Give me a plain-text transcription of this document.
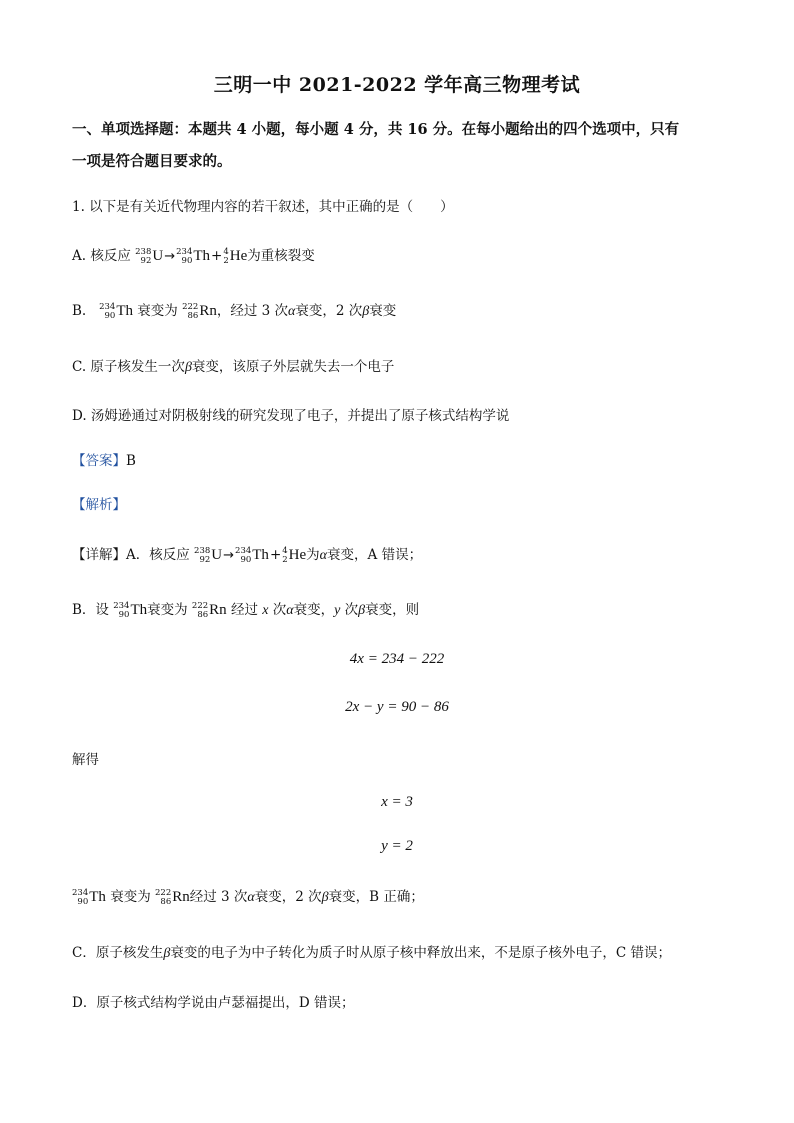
三明一中 2021-2022 学年高三物理考试
一、单项选择题：本题共 4 小题，每小题 4 分，共 16 分。在每小题给出的四个选项中，只有
一项是符合题目要求的。
1. 以下是有关近代物理内容的若干叙述，其中正确的是（　　）
A. 核反应 238
92 U→ 234
90 Th+ 4
2 He为重核裂变
B. 234
90 Th 衰变为 222
86 Rn，经过 3 次α衰变，2 次β衰变
C. 原子核发生一次β衰变，该原子外层就失去一个电子
D. 汤姆逊通过对阴极射线的研究发现了电子，并提出了原子核式结构学说
【答案】B
【解析】
【详解】A．核反应 238
92 U→ 234
90 Th+ 4
2 He为α衰变，A 错误；
B．设 234
90 Th衰变为 222
86 Rn 经过 x 次α衰变，y 次β衰变，则
4x = 234 − 222
2x − y = 90 − 86
解得
x = 3
y = 2
234
90 Th 衰变为 222
86 Rn经过 3 次α衰变，2 次β衰变，B 正确；
C．原子核发生β衰变的电子为中子转化为质子时从原子核中释放出来，不是原子核外电子，C 错误；
D．原子核式结构学说由卢瑟福提出，D 错误；
